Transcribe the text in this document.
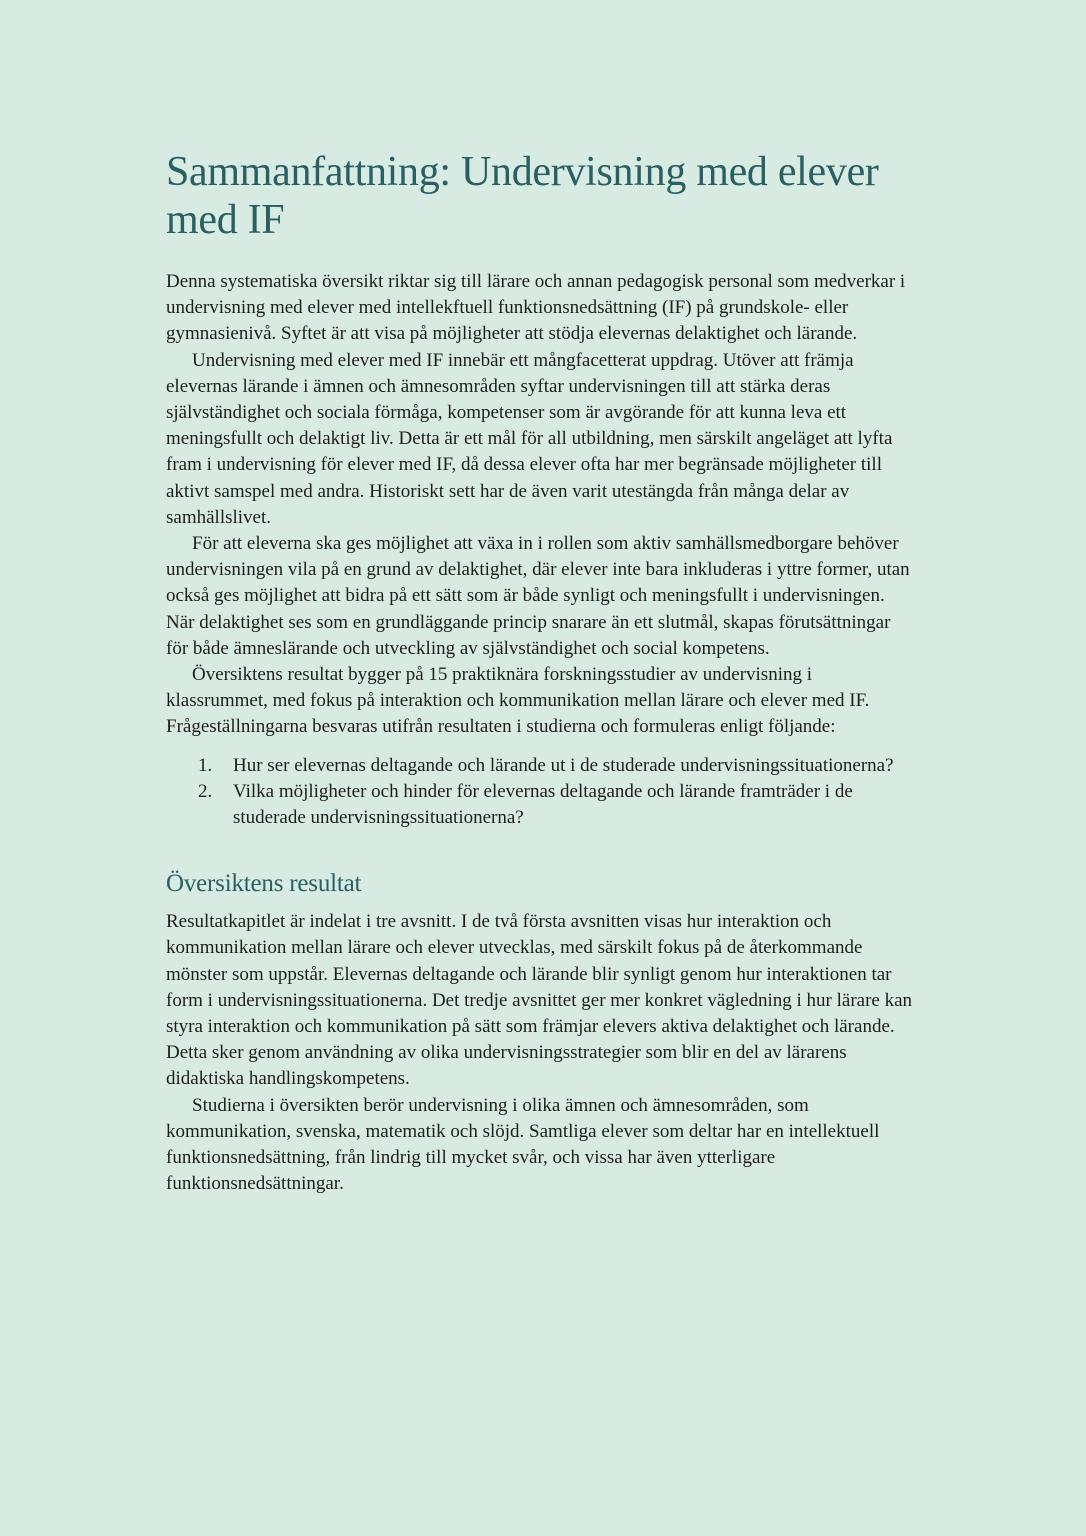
Sammanfattning: Undervisning med elever med IF

Denna systematiska översikt riktar sig till lärare och annan pedagogisk personal som medverkar i undervisning med elever med intellekftuell funktionsnedsättning (IF) på grundskole- eller gymnasienivå. Syftet är att visa på möjligheter att stödja elevernas delaktighet och lärande.

Undervisning med elever med IF innebär ett mångfacetterat uppdrag. Utöver att främja elevernas lärande i ämnen och ämnesområden syftar undervisningen till att stärka deras självständighet och sociala förmåga, kompetenser som är avgörande för att kunna leva ett meningsfullt och delaktigt liv. Detta är ett mål för all utbildning, men särskilt angeläget att lyfta fram i undervisning för elever med IF, då dessa elever ofta har mer begränsade möjligheter till aktivt samspel med andra. Historiskt sett har de även varit utestängda från många delar av samhällslivet.

För att eleverna ska ges möjlighet att växa in i rollen som aktiv samhällsmedborgare behöver undervisningen vila på en grund av delaktighet, där elever inte bara inkluderas i yttre former, utan också ges möjlighet att bidra på ett sätt som är både synligt och meningsfullt i undervisningen. När delaktighet ses som en grundläggande princip snarare än ett slutmål, skapas förutsättningar för både ämneslärande och utveckling av självständighet och social kompetens.

Översiktens resultat bygger på 15 praktiknära forskningsstudier av undervisning i klassrummet, med fokus på interaktion och kommunikation mellan lärare och elever med IF. Frågeställningarna besvaras utifrån resultaten i studierna och formuleras enligt följande:

1. Hur ser elevernas deltagande och lärande ut i de studerade undervisningssituationerna?
2. Vilka möjligheter och hinder för elevernas deltagande och lärande framträder i de studerade undervisningssituationerna?
Översiktens resultat

Resultatkapitlet är indelat i tre avsnitt. I de två första avsnitten visas hur interaktion och kommunikation mellan lärare och elever utvecklas, med särskilt fokus på de återkommande mönster som uppstår. Elevernas deltagande och lärande blir synligt genom hur interaktionen tar form i undervisningssituationerna. Det tredje avsnittet ger mer konkret vägledning i hur lärare kan styra interaktion och kommunikation på sätt som främjar elevers aktiva delaktighet och lärande. Detta sker genom användning av olika undervisningsstrategier som blir en del av lärarens didaktiska handlingskompetens.

Studierna i översikten berör undervisning i olika ämnen och ämnesområden, som kommunikation, svenska, matematik och slöjd. Samtliga elever som deltar har en intellektuell funktionsnedsättning, från lindrig till mycket svår, och vissa har även ytterligare funktionsnedsättningar.
